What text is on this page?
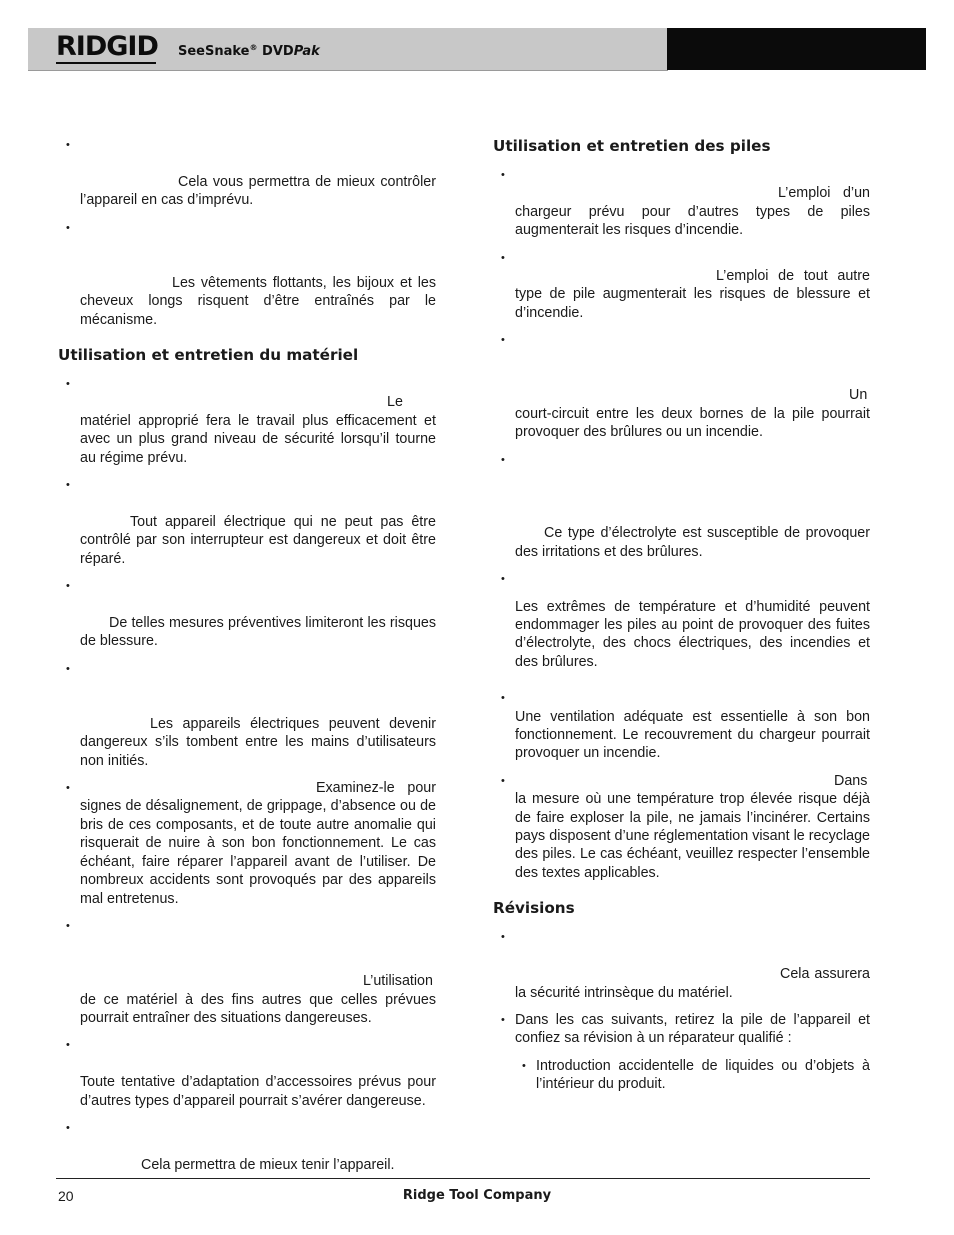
RIDGID SeeSnake® DVDPak

• Cela vous permettra de mieux contrôler l’appareil en cas d’imprévu.

• Les vêtements flottants, les bijoux et les cheveux longs risquent d’être entraînés par le mécanisme.

Utilisation et entretien du matériel

• Le matériel approprié fera le travail plus efficacement et avec un plus grand niveau de sécurité lorsqu’il tourne au régime prévu.

• Tout appareil électrique qui ne peut pas être contrôlé par son interrupteur est dangereux et doit être réparé.

• De telles mesures préventives limiteront les risques de blessure.

• Les appareils électriques peuvent devenir dangereux s’ils tombent entre les mains d’utilisateurs non initiés.

• Examinez-le pour signes de désalignement, de grippage, d’absence ou de bris de ces composants, et de toute autre anomalie qui risquerait de nuire à son bon fonctionnement. Le cas échéant, faire réparer l’appareil avant de l’utiliser. De nombreux accidents sont provoqués par des appareils mal entretenus.

• L’utilisation de ce matériel à des fins autres que celles prévues pourrait entraîner des situations dangereuses.

• Toute tentative d’adaptation d’accessoires prévus pour d’autres types d’appareil pourrait s’avérer dangereuse.

• Cela permettra de mieux tenir l’appareil.

Utilisation et entretien des piles

• L’emploi d’un chargeur prévu pour d’autres types de piles augmenterait les risques d’incendie.

• L’emploi de tout autre type de pile augmenterait les risques de blessure et d’incendie.

• Un court-circuit entre les deux bornes de la pile pourrait provoquer des brûlures ou un incendie.

• Ce type d’électrolyte est susceptible de provoquer des irritations et des brûlures.

• Les extrêmes de température et d’humidité peuvent endommager les piles au point de provoquer des fuites d’électrolyte, des chocs électriques, des incendies et des brûlures.

• Une ventilation adéquate est essentielle à son bon fonctionnement. Le recouvrement du chargeur pourrait provoquer un incendie.

• Dans la mesure où une température trop élevée risque déjà de faire exploser la pile, ne jamais l’incinérer. Certains pays disposent d’une réglementation visant le recyclage des piles. Le cas échéant, veuillez respecter l’ensemble des textes applicables.

Révisions

• Cela assurera la sécurité intrinsèque du matériel.

• Dans les cas suivants, retirez la pile de l’appareil et confiez sa révision à un réparateur qualifié :

• Introduction accidentelle de liquides ou d’objets à l’intérieur du produit.

20	Ridge Tool Company
